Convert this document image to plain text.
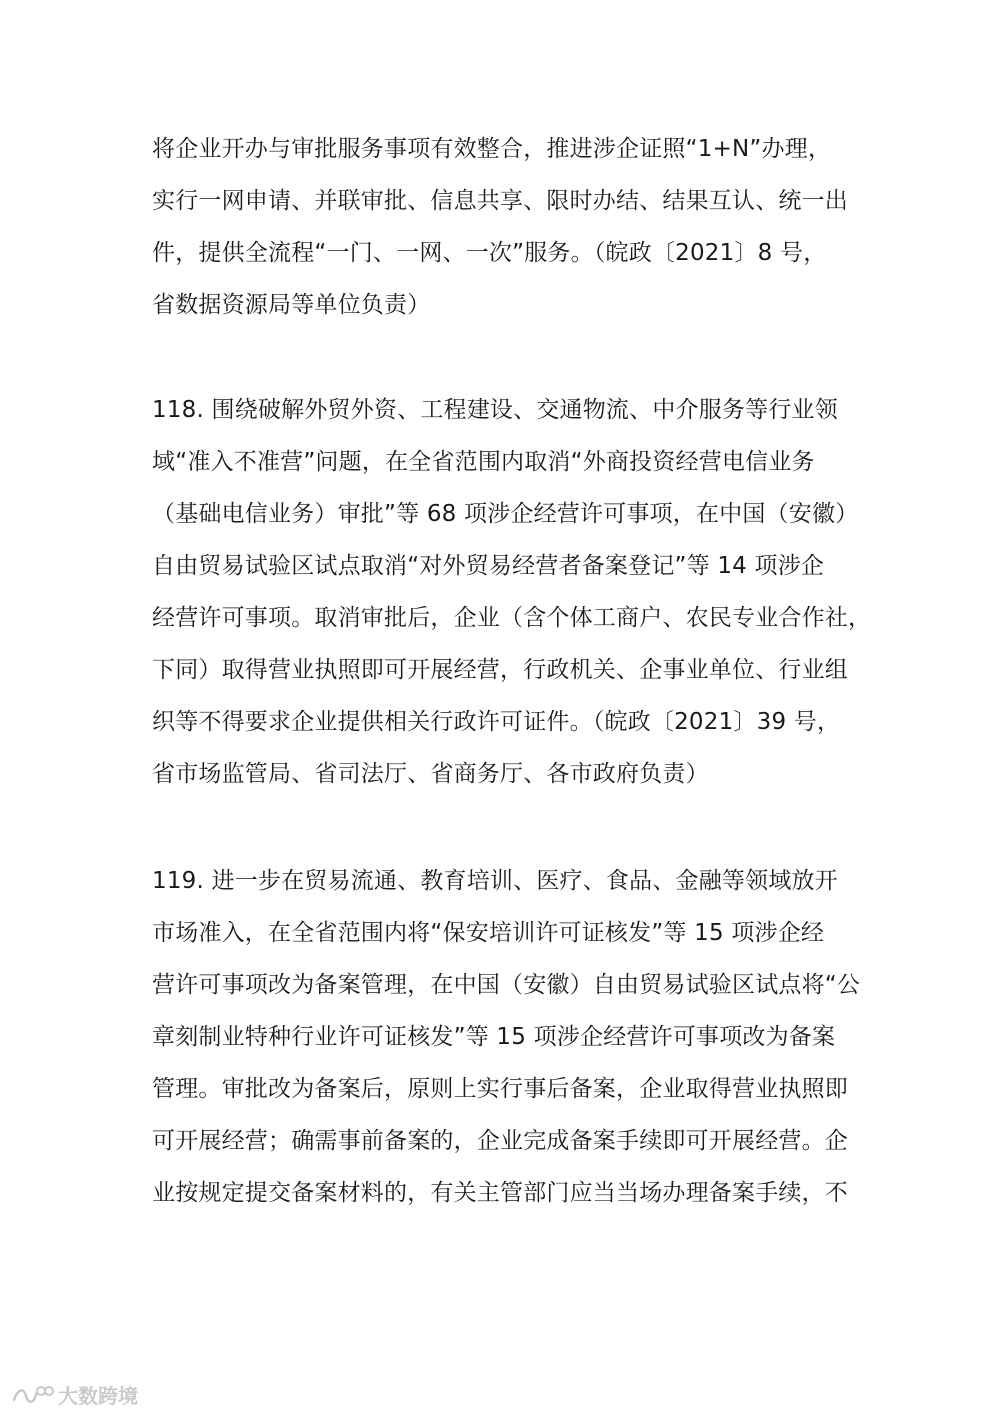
将企业开办与审批服务事项有效整合，推进涉企证照“1+N”办理，
实行一网申请、并联审批、信息共享、限时办结、结果互认、统一出
件，提供全流程“一门、一网、一次”服务。（皖政〔2021〕8 号，
省数据资源局等单位负责）
118. 围绕破解外贸外资、工程建设、交通物流、中介服务等行业领
域“准入不准营”问题，在全省范围内取消“外商投资经营电信业务
（基础电信业务）审批”等 68 项涉企经营许可事项，在中国（安徽）
自由贸易试验区试点取消“对外贸易经营者备案登记”等 14 项涉企
经营许可事项。取消审批后，企业（含个体工商户、农民专业合作社，
下同）取得营业执照即可开展经营，行政机关、企事业单位、行业组
织等不得要求企业提供相关行政许可证件。（皖政〔2021〕39 号，
省市场监管局、省司法厅、省商务厅、各市政府负责）
119. 进一步在贸易流通、教育培训、医疗、食品、金融等领域放开
市场准入，在全省范围内将“保安培训许可证核发”等 15 项涉企经
营许可事项改为备案管理，在中国（安徽）自由贸易试验区试点将“公
章刻制业特种行业许可证核发”等 15 项涉企经营许可事项改为备案
管理。审批改为备案后，原则上实行事后备案，企业取得营业执照即
可开展经营；确需事前备案的，企业完成备案手续即可开展经营。企
业按规定提交备案材料的，有关主管部门应当当场办理备案手续，不
大数跨境
